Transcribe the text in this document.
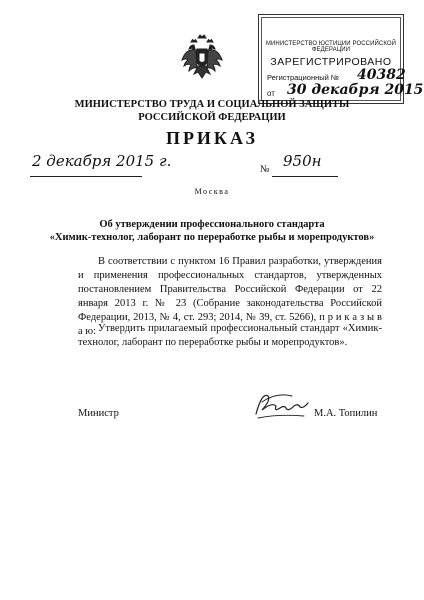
МИНИСТЕРСТВО ЮСТИЦИИ РОССИЙСКОЙ ФЕДЕРАЦИИ
ЗАРЕГИСТРИРОВАНО
Регистрационный № 40382
от 30 декабря 2015
МИНИСТЕРСТВО ТРУДА И СОЦИАЛЬНОЙ ЗАЩИТЫ
РОССИЙСКОЙ ФЕДЕРАЦИИ
ПРИКАЗ
2 декабря 2015 г.	№ 950н
Москва
Об утверждении профессионального стандарта
«Химик-технолог, лаборант по переработке рыбы и морепродуктов»
В соответствии с пунктом 16 Правил разработки, утверждения и применения профессиональных стандартов, утвержденных постановлением Правительства Российской Федерации от 22 января 2013 г. № 23 (Собрание законодательства Российской Федерации, 2013, № 4, ст. 293; 2014, № 39, ст. 5266), п р и к а з ы в а ю: Утвердить прилагаемый профессиональный стандарт «Химик-технолог, лаборант по переработке рыбы и морепродуктов».
Министр	М.А. Топилин
